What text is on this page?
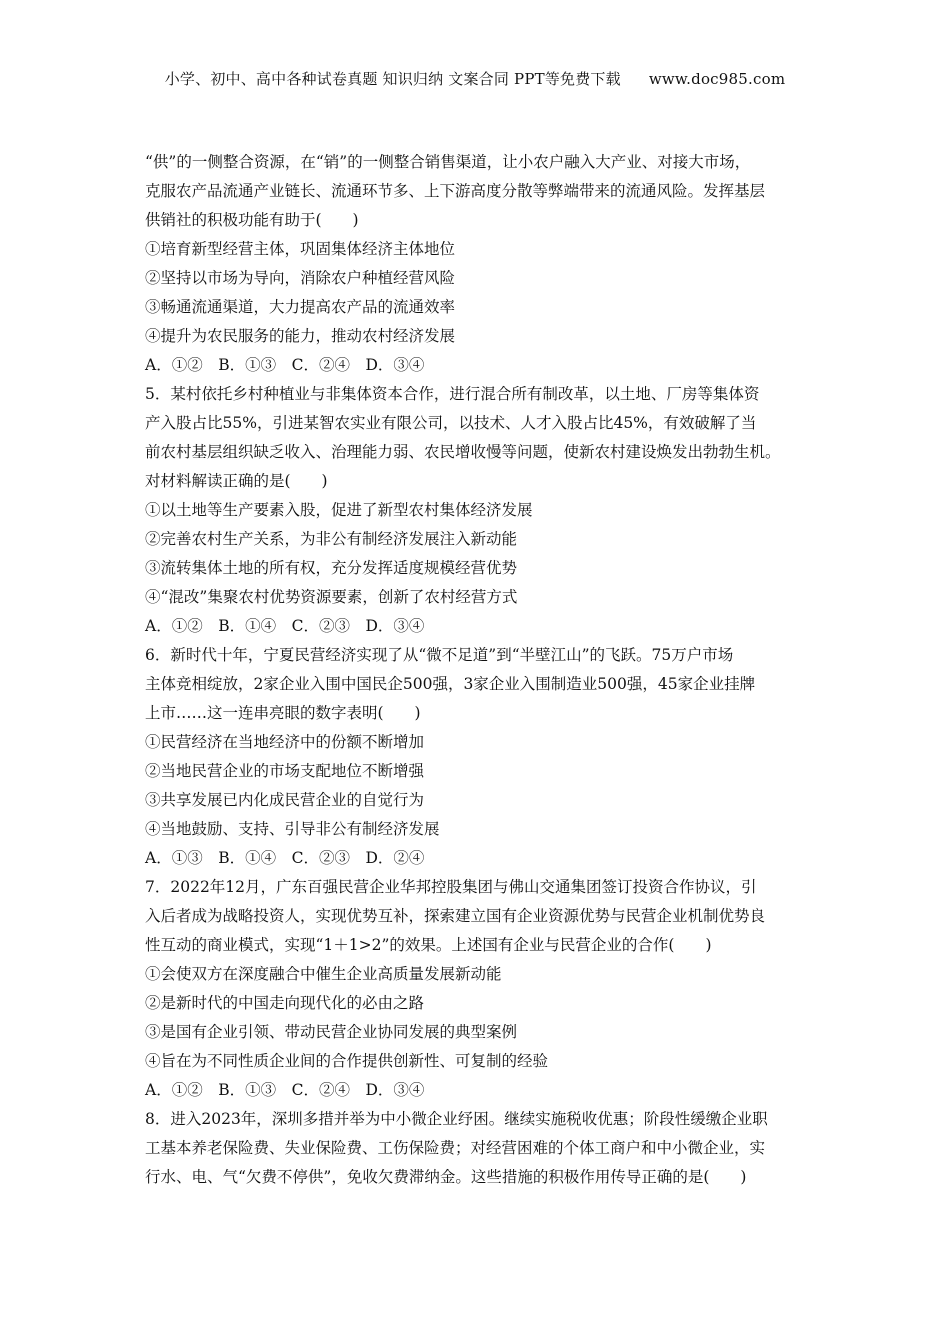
小学、初中、高中各种试卷真题 知识归纳 文案合同 PPT等免费下载 www.doc985.com
“供”的一侧整合资源，在“销”的一侧整合销售渠道，让小农户融入大产业、对接大市场，
克服农产品流通产业链长、流通环节多、上下游高度分散等弊端带来的流通风险。发挥基层
供销社的积极功能有助于(　　)
①培育新型经营主体，巩固集体经济主体地位
②坚持以市场为导向，消除农户种植经营风险
③畅通流通渠道，大力提高农产品的流通效率
④提升为农民服务的能力，推动农村经济发展
A．①②　B．①③　C．②④　D．③④
5．某村依托乡村种植业与非集体资本合作，进行混合所有制改革，以土地、厂房等集体资
产入股占比55%，引进某智农实业有限公司，以技术、人才入股占比45%，有效破解了当
前农村基层组织缺乏收入、治理能力弱、农民增收慢等问题，使新农村建设焕发出勃勃生机。
对材料解读正确的是(　　)
①以土地等生产要素入股，促进了新型农村集体经济发展
②完善农村生产关系，为非公有制经济发展注入新动能
③流转集体土地的所有权，充分发挥适度规模经营优势
④“混改”集聚农村优势资源要素，创新了农村经营方式
A．①②　B．①④　C．②③　D．③④
6．新时代十年，宁夏民营经济实现了从“微不足道”到“半壁江山”的飞跃。75万户市场
主体竞相绽放，2家企业入围中国民企500强，3家企业入围制造业500强，45家企业挂牌
上市……这一连串亮眼的数字表明(　　)
①民营经济在当地经济中的份额不断增加
②当地民营企业的市场支配地位不断增强
③共享发展已内化成民营企业的自觉行为
④当地鼓励、支持、引导非公有制经济发展
A．①③　B．①④　C．②③　D．②④
7．2022年12月，广东百强民营企业华邦控股集团与佛山交通集团签订投资合作协议，引
入后者成为战略投资人，实现优势互补，探索建立国有企业资源优势与民营企业机制优势良
性互动的商业模式，实现“1＋1>2”的效果。上述国有企业与民营企业的合作(　　)
①会使双方在深度融合中催生企业高质量发展新动能
②是新时代的中国走向现代化的必由之路
③是国有企业引领、带动民营企业协同发展的典型案例
④旨在为不同性质企业间的合作提供创新性、可复制的经验
A．①②　B．①③　C．②④　D．③④
8．进入2023年，深圳多措并举为中小微企业纾困。继续实施税收优惠；阶段性缓缴企业职
工基本养老保险费、失业保险费、工伤保险费；对经营困难的个体工商户和中小微企业，实
行水、电、气“欠费不停供”，免收欠费滞纳金。这些措施的积极作用传导正确的是(　　)
